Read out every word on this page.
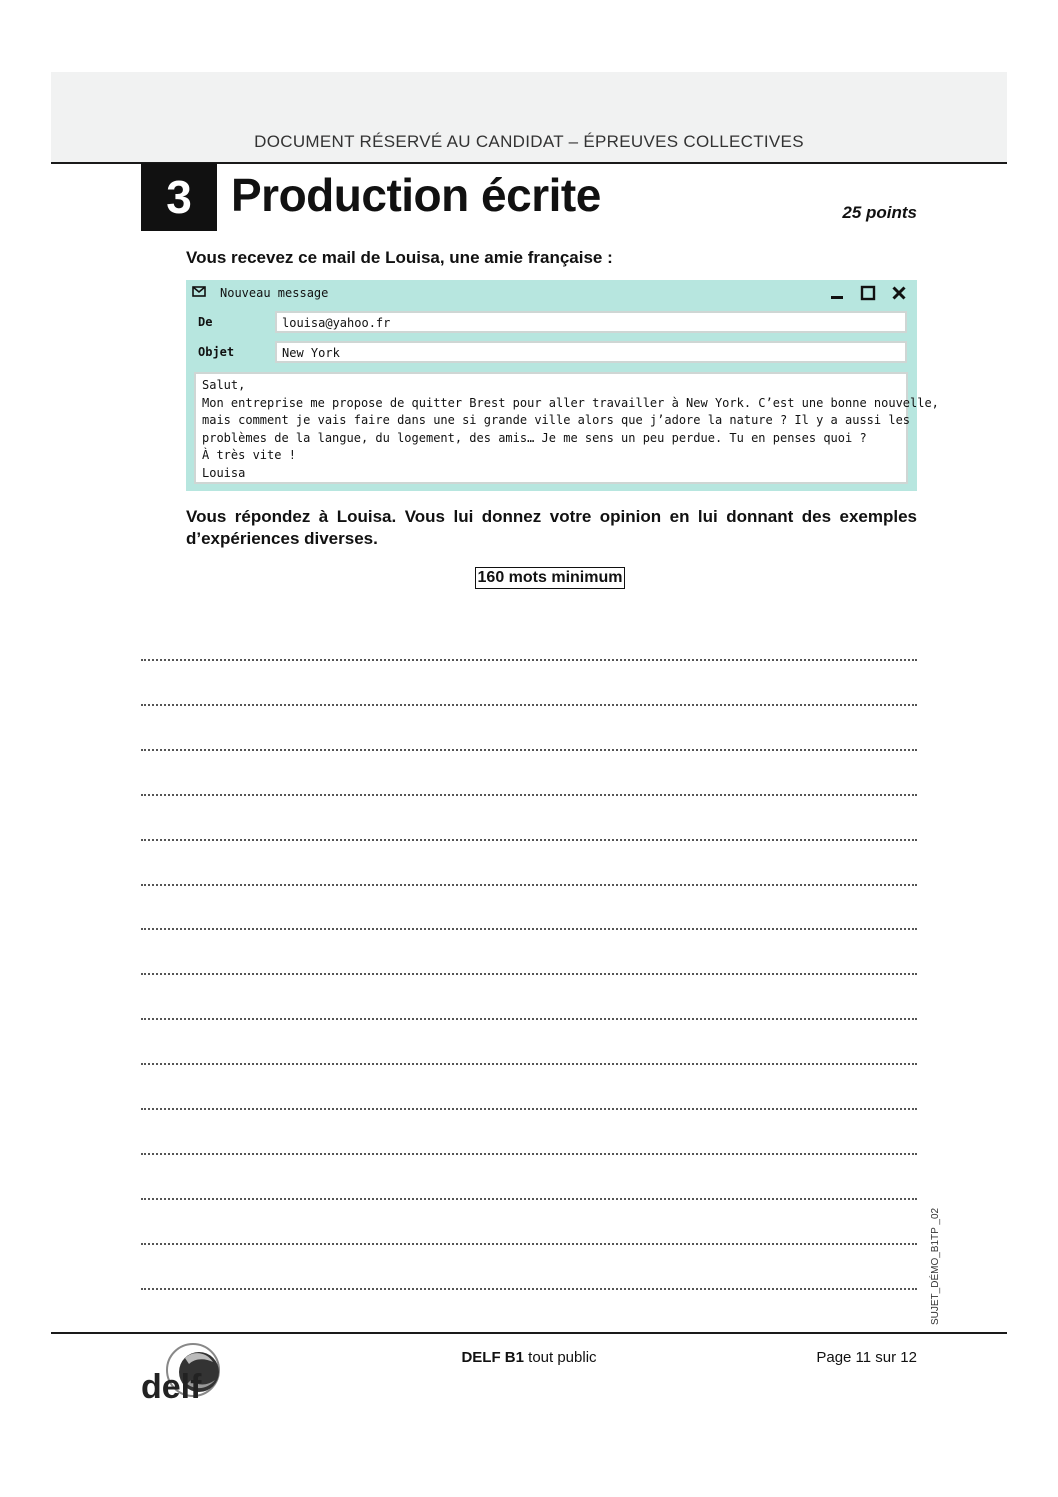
DOCUMENT RÉSERVÉ AU CANDIDAT – ÉPREUVES COLLECTIVES
3 Production écrite	25 points
Vous recevez ce mail de Louisa, une amie française :
Nouveau message
De	louisa@yahoo.fr
Objet	New York
Salut,
Mon entreprise me propose de quitter Brest pour aller travailler à New York. C’est une bonne nouvelle,
mais comment je vais faire dans une si grande ville alors que j’adore la nature ? Il y a aussi les
problèmes de la langue, du logement, des amis… Je me sens un peu perdue. Tu en penses quoi ?
À très vite !
Louisa
Vous répondez à Louisa. Vous lui donnez votre opinion en lui donnant des exemples d’expériences diverses.
160 mots minimum
SUJET_DÉMO_B1TP _02
delf
DELF B1 tout public	Page 11 sur 12
